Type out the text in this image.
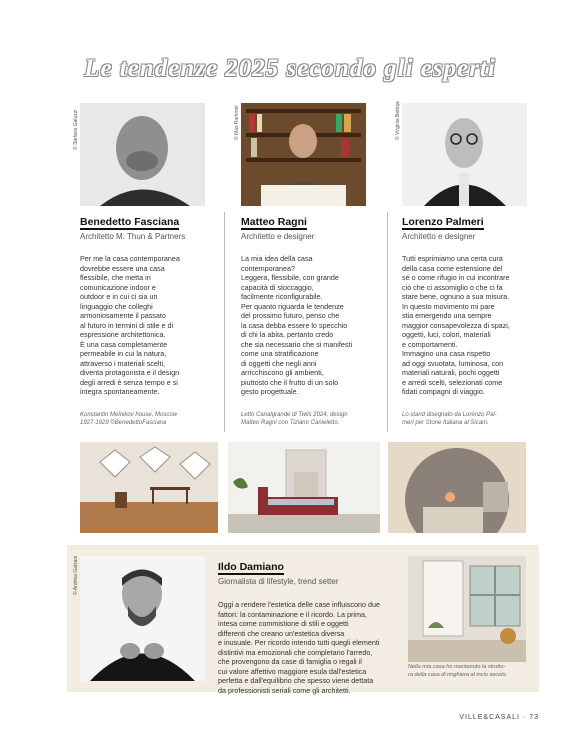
Le tendenze 2025 secondo gli esperti
© Stefano Galuzzi
Benedetto Fasciana
Architetto M. Thun & Partners
Per me la casa contemporanea
dovrebbe essere una casa
flessibile, che metta in
comunicazione indoor e
outdoor e in cui ci sia un
linguaggio che colleghi
armoniosamente il passato
al futuro in termini di stile e di
espressione architettonica.
È una casa completamente
permeabile in cui la natura,
attraverso i materiali scelti,
diventa protagonista e il design
degli arredi è senza tempo e si
integra spontaneamente.
Konstantin Melnikov house, Moscow
1927-1929 ©BenedettoFasciana
© Max Rommel
Matteo Ragni
Architetto e designer
La mia idea della casa
contemporanea?
Leggera, flessibile, con grande
capacità di stoccaggio,
facilmente riconfigurabile.
Per quanto riguarda le tendenze
del prossimo futuro, penso che
la casa debba essere lo specchio
di chi la abita, pertanto credo
che sia necessario che si manifesti
come una stratificazione
di oggetti che negli anni
arricchiscono gli ambienti,
piuttosto che il frutto di un solo
gesto progettuale.
Letto Canalgrande di Twils 2024, design
Matteo Ragni con Tiziano Canieletto.
© Virginia Bettoja
Lorenzo Palmeri
Architetto e designer
Tutti esprimiamo una certa cura
della casa come estensione del
sé o come rifugio in cui incontrare
ciò che ci assomiglio o che ci fa
stare bene, ognuno a sua misura.
In questo movimento mi pare
stia emergendo una sempre
maggior consapevolezza di spazi,
oggetti, luci, colori, materiali
e comportamenti.
Immagino una casa rispetto
ad oggi svuotata, luminosa, con
materiali naturali, pochi oggetti
e arredi scelti, selezionati come
fidati compagni di viaggio.
Lo stand disegnato da Lorenzo Pal-
meri per Stone Italiana al Sicam.
© Andrea Galzani	Ildo Damiano
Giornalista di lifestyle, trend setter
Oggi a rendere l'estetica delle case influiscono due
fattori: la contaminazione e il ricordo. La prima,
intesa come commistione di stili e oggetti
differenti che creano un'estetica diversa
e inusuale. Per ricordo intendo tutti quegli elementi
distintivi ma emozionali che completano l'arredo,
che provengono da case di famiglia o regali il
cui valore affettivo maggiore esula dall'estetica
perfetta e dall'equilibrio che spesso viene dettata
da professionisti seriali come gli architetti.
Nella mia casa ho mantenuto la struttu-
ra della casa di ringhiera al incio secolo.
VILLE&CASALI · 73
